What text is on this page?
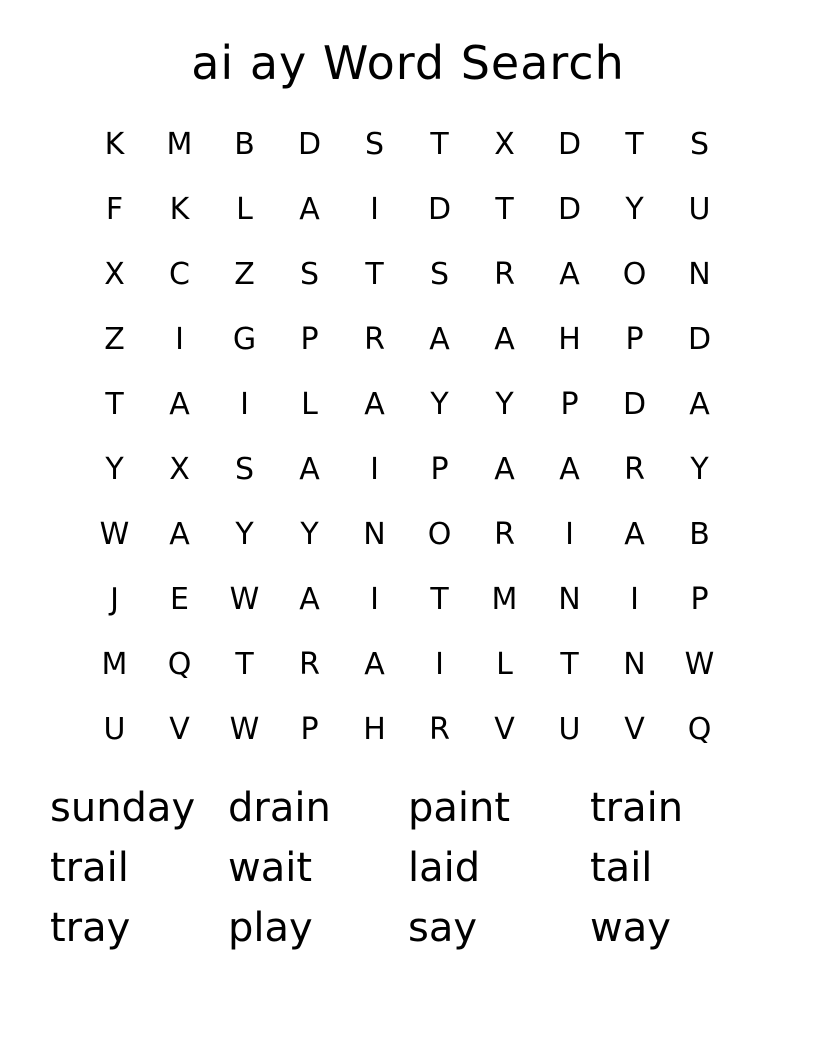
ai ay Word Search
K	M	B	D	S	T	X	D	T	S
F	K	L	A	I	D	T	D	Y	U
X	C	Z	S	T	S	R	A	O	N
Z	I	G	P	R	A	A	H	P	D
T	A	I	L	A	Y	Y	P	D	A
Y	X	S	A	I	P	A	A	R	Y
W	A	Y	Y	N	O	R	I	A	B
J	E	W	A	I	T	M	N	I	P
M	Q	T	R	A	I	L	T	N	W
U	V	W	P	H	R	V	U	V	Q
sunday drain	paint	train
trail	wait	laid	tail
tray	play	say	way
